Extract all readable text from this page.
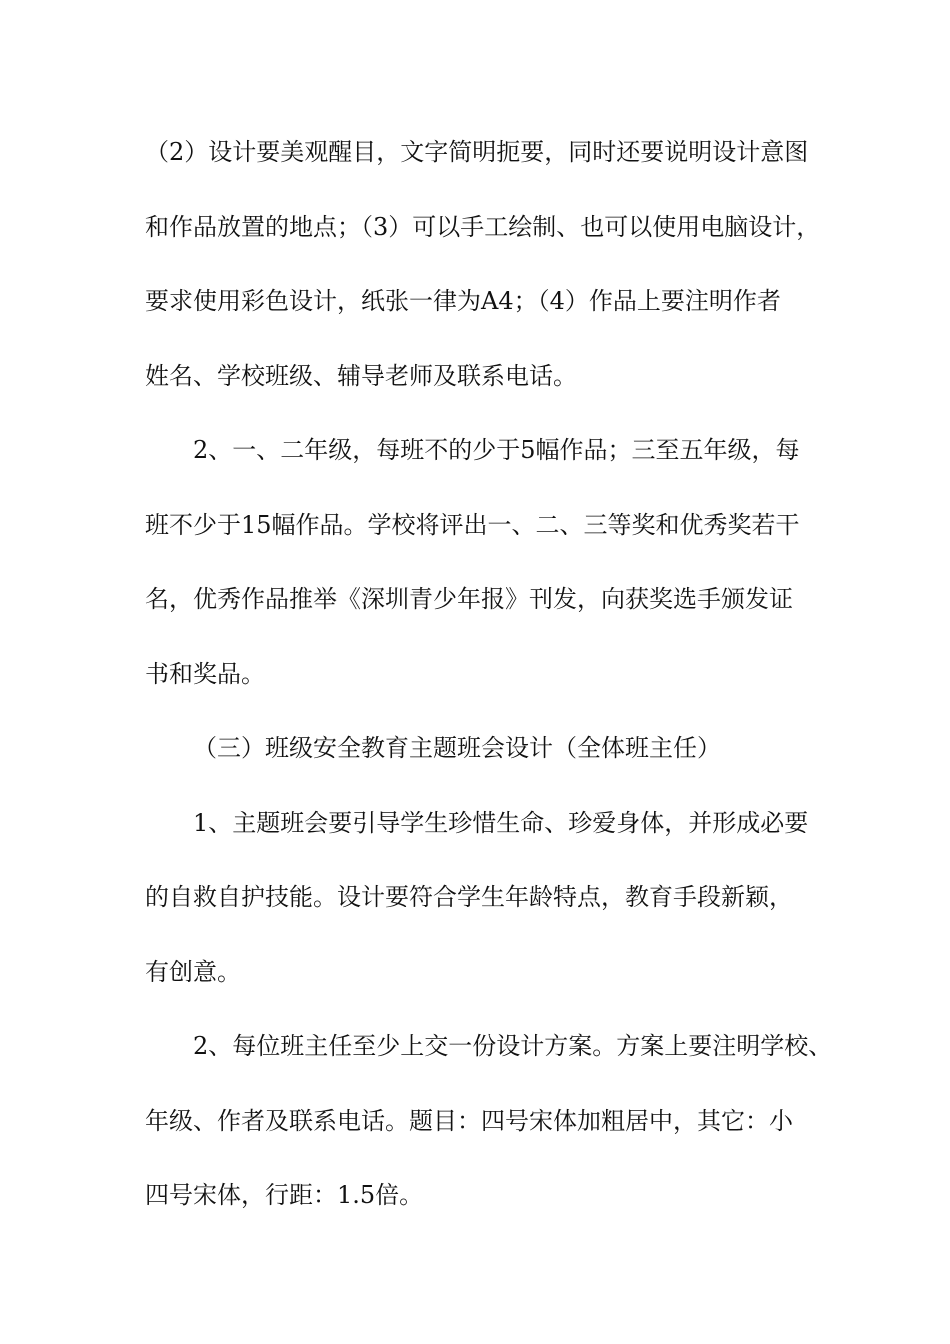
（2）设计要美观醒目，文字简明扼要，同时还要说明设计意图
和作品放置的地点；（3）可以手工绘制、也可以使用电脑设计，
要求使用彩色设计，纸张一律为A4；（4）作品上要注明作者
姓名、学校班级、辅导老师及联系电话。
2、一、二年级，每班不的少于5幅作品；三至五年级，每
班不少于15幅作品。学校将评出一、二、三等奖和优秀奖若干
名，优秀作品推举《深圳青少年报》刊发，向获奖选手颁发证
书和奖品。
（三）班级安全教育主题班会设计（全体班主任）
1、主题班会要引导学生珍惜生命、珍爱身体，并形成必要
的自救自护技能。设计要符合学生年龄特点，教育手段新颖，
有创意。
2、每位班主任至少上交一份设计方案。方案上要注明学校、
年级、作者及联系电话。题目：四号宋体加粗居中，其它：小
四号宋体，行距：1.5倍。
